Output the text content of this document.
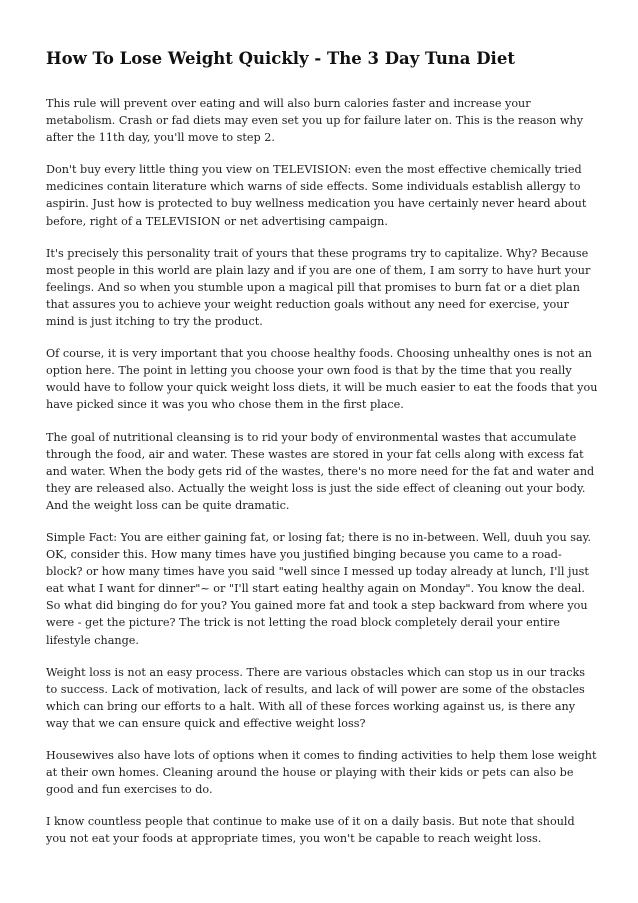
How To Lose Weight Quickly - The 3 Day Tuna Diet

This rule will prevent over eating and will also burn calories faster and increase your metabolism. Crash or fad diets may even set you up for failure later on. This is the reason why after the 11th day, you'll move to step 2.

Don't buy every little thing you view on TELEVISION: even the most effective chemically tried medicines contain literature which warns of side effects. Some individuals establish allergy to aspirin. Just how is protected to buy wellness medication you have certainly never heard about before, right of a TELEVISION or net advertising campaign.

It's precisely this personality trait of yours that these programs try to capitalize. Why? Because most people in this world are plain lazy and if you are one of them, I am sorry to have hurt your feelings. And so when you stumble upon a magical pill that promises to burn fat or a diet plan that assures you to achieve your weight reduction goals without any need for exercise, your mind is just itching to try the product.

Of course, it is very important that you choose healthy foods. Choosing unhealthy ones is not an option here. The point in letting you choose your own food is that by the time that you really would have to follow your quick weight loss diets, it will be much easier to eat the foods that you have picked since it was you who chose them in the first place.

The goal of nutritional cleansing is to rid your body of environmental wastes that accumulate through the food, air and water. These wastes are stored in your fat cells along with excess fat and water. When the body gets rid of the wastes, there's no more need for the fat and water and they are released also. Actually the weight loss is just the side effect of cleaning out your body. And the weight loss can be quite dramatic.

Simple Fact: You are either gaining fat, or losing fat; there is no in-between. Well, duuh you say. OK, consider this. How many times have you justified binging because you came to a road-block? or how many times have you said "well since I messed up today already at lunch, I'll just eat what I want for dinner"~ or "I'll start eating healthy again on Monday". You know the deal. So what did binging do for you? You gained more fat and took a step backward from where you were - get the picture? The trick is not letting the road block completely derail your entire lifestyle change.

Weight loss is not an easy process. There are various obstacles which can stop us in our tracks to success. Lack of motivation, lack of results, and lack of will power are some of the obstacles which can bring our efforts to a halt. With all of these forces working against us, is there any way that we can ensure quick and effective weight loss?

Housewives also have lots of options when it comes to finding activities to help them lose weight at their own homes. Cleaning around the house or playing with their kids or pets can also be good and fun exercises to do.

I know countless people that continue to make use of it on a daily basis. But note that should you not eat your foods at appropriate times, you won't be capable to reach weight loss.
